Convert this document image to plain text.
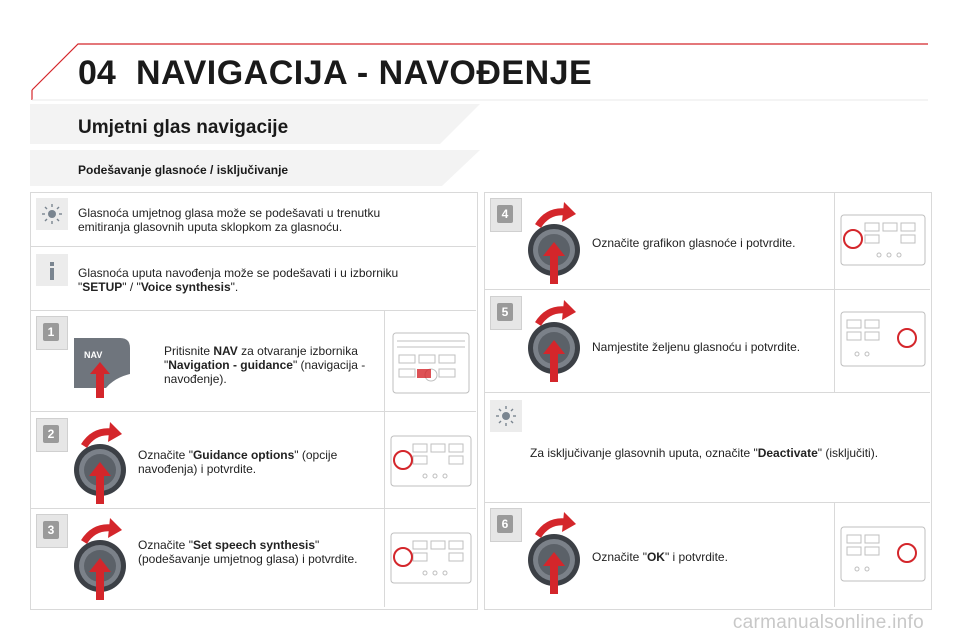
04 NAVIGACIJA - NAVOĐENJE
Umjetni glas navigacije
Podešavanje glasnoće / isključivanje
Glasnoća umjetnog glasa može se podešavati u trenutku emitiranja glasovnih uputa sklopkom za glasnoću.
Glasnoća uputa navođenja može se podešavati i u izborniku "SETUP" / "Voice synthesis".
1
NAV	Pritisnite NAV za otvaranje izbornika "Navigation - guidance" (navigacija - navođenje).
2
Označite "Guidance options" (opcije navođenja) i potvrdite.
3
Označite "Set speech synthesis" (podešavanje umjetnog glasa) i potvrdite.
4
Označite grafikon glasnoće i potvrdite.
5
Namjestite željenu glasnoću i potvrdite.
Za isključivanje glasovnih uputa, označite "Deactivate" (isključiti).
6
Označite "OK" i potvrdite.
carmanualsonline.info
